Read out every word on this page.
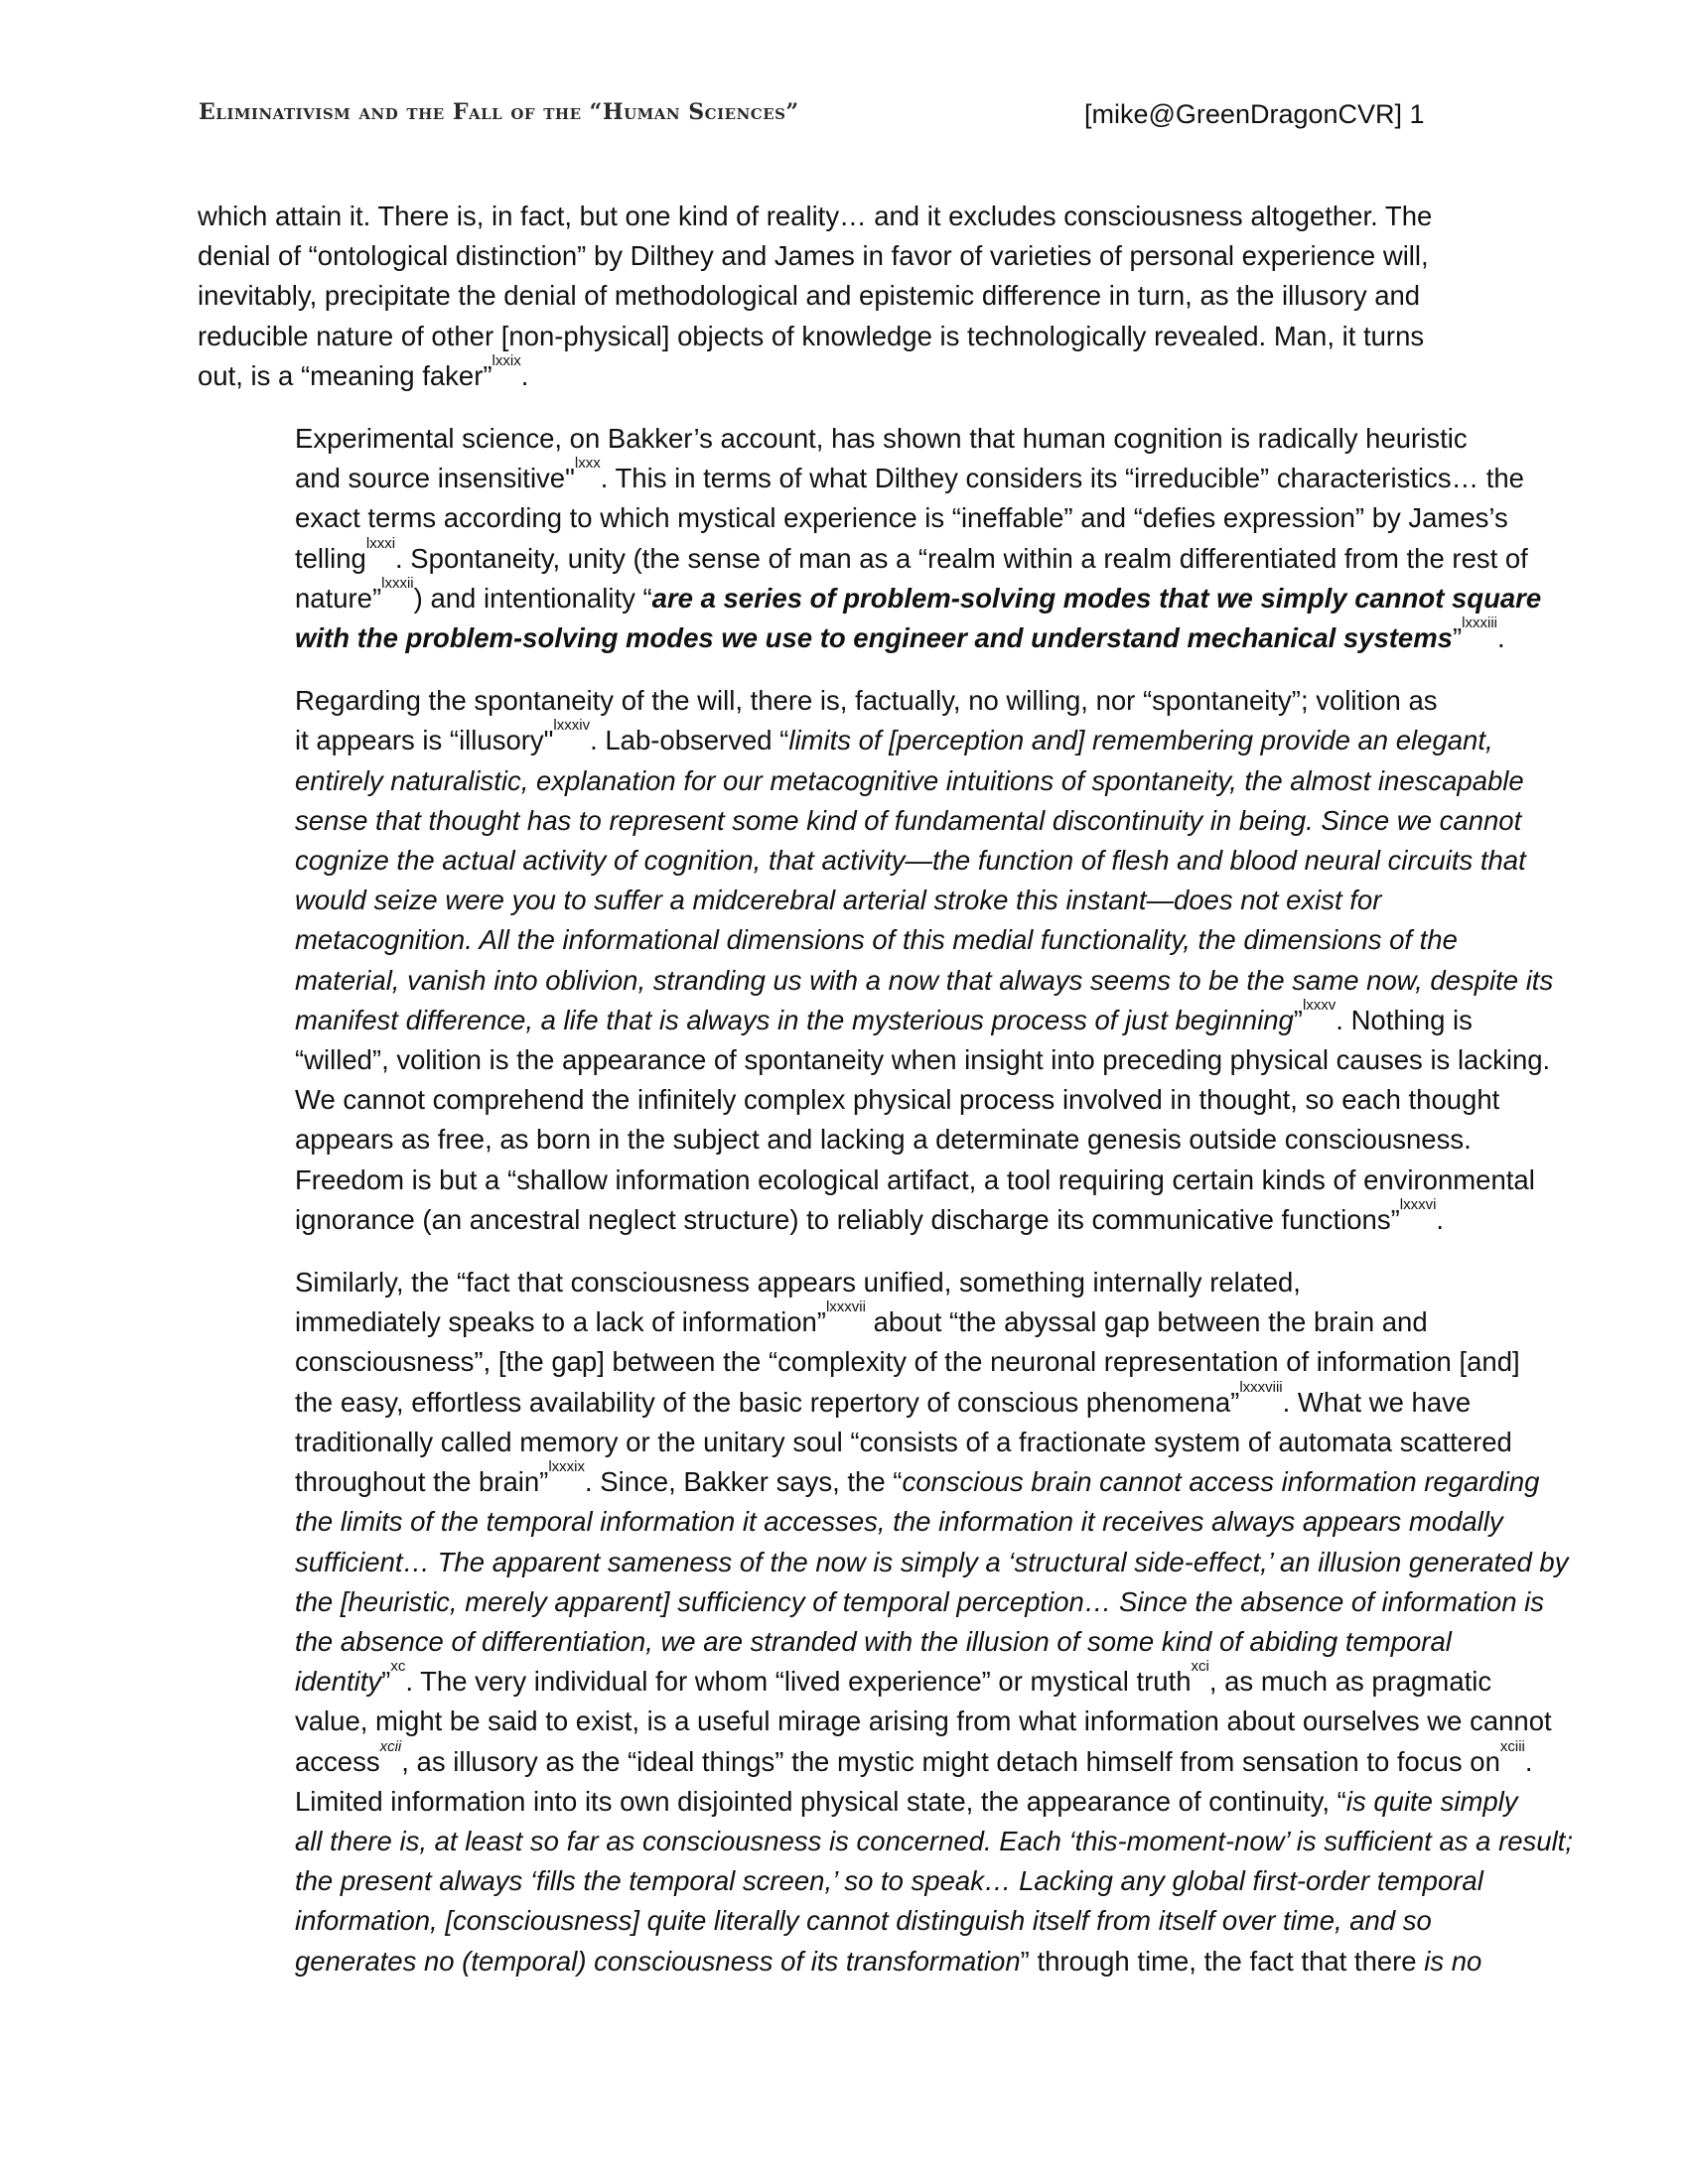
Eliminativism and the Fall of the “Human Sciences”	[mike@GreenDragonCVR] 1

which attain it. There is, in fact, but one kind of reality… and it excludes consciousness altogether. The
denial of “ontological distinction” by Dilthey and James in favor of varieties of personal experience will,
inevitably, precipitate the denial of methodological and epistemic difference in turn, as the illusory and
reducible nature of other [non-physical] objects of knowledge is technologically revealed. Man, it turns
out, is a “meaning faker”$^{lxxix}$.

Experimental science, on Bakker’s account, has shown that human cognition is radically heuristic
and source insensitive"$^{lxxx}$. This in terms of what Dilthey considers its “irreducible” characteristics… the
exact terms according to which mystical experience is “ineffable” and “defies expression” by James’s
telling$^{lxxxi}$. Spontaneity, unity (the sense of man as a “realm within a realm differentiated from the rest of
nature”$^{lxxxii}$) and intentionality “are a series of problem-solving modes that we simply cannot square
with the problem-solving modes we use to engineer and understand mechanical systems”$^{lxxxiii}$.

Regarding the spontaneity of the will, there is, factually, no willing, nor “spontaneity”; volition as
it appears is “illusory"$^{lxxxiv}$. Lab-observed “limits of [perception and] remembering provide an elegant,
entirely naturalistic, explanation for our metacognitive intuitions of spontaneity, the almost inescapable
sense that thought has to represent some kind of fundamental discontinuity in being. Since we cannot
cognize the actual activity of cognition, that activity—the function of flesh and blood neural circuits that
would seize were you to suffer a midcerebral arterial stroke this instant—does not exist for
metacognition. All the informational dimensions of this medial functionality, the dimensions of the
material, vanish into oblivion, stranding us with a now that always seems to be the same now, despite its
manifest difference, a life that is always in the mysterious process of just beginning”$^{lxxxv}$. Nothing is
“willed”, volition is the appearance of spontaneity when insight into preceding physical causes is lacking.
We cannot comprehend the infinitely complex physical process involved in thought, so each thought
appears as free, as born in the subject and lacking a determinate genesis outside consciousness.
Freedom is but a “shallow information ecological artifact, a tool requiring certain kinds of environmental
ignorance (an ancestral neglect structure) to reliably discharge its communicative functions”$^{lxxxvi}$.

Similarly, the “fact that consciousness appears unified, something internally related,
immediately speaks to a lack of information”$^{lxxxvii}$ about “the abyssal gap between the brain and
consciousness”, [the gap] between the “complexity of the neuronal representation of information [and]
the easy, effortless availability of the basic repertory of conscious phenomena”$^{lxxxviii}$. What we have
traditionally called memory or the unitary soul “consists of a fractionate system of automata scattered
throughout the brain”$^{lxxxix}$. Since, Bakker says, the “conscious brain cannot access information regarding
the limits of the temporal information it accesses, the information it receives always appears modally
sufficient… The apparent sameness of the now is simply a ‘structural side-effect,’ an illusion generated by
the [heuristic, merely apparent] sufficiency of temporal perception… Since the absence of information is
the absence of differentiation, we are stranded with the illusion of some kind of abiding temporal
identity”$^{xc}$. The very individual for whom “lived experience” or mystical truth$^{xci}$, as much as pragmatic
value, might be said to exist, is a useful mirage arising from what information about ourselves we cannot
access$^{xcii}$, as illusory as the “ideal things” the mystic might detach himself from sensation to focus $on^{xciii}$.
Limited information into its own disjointed physical state, the appearance of continuity, “is quite simply
all there is, at least so far as consciousness is concerned. Each ‘this-moment-now’ is sufficient as a result;
the present always ‘fills the temporal screen,’ so to speak… Lacking any global first-order temporal
information, [consciousness] quite literally cannot distinguish itself from itself over time, and so
generates no (temporal) consciousness of its transformation” through time, the fact that there is no
